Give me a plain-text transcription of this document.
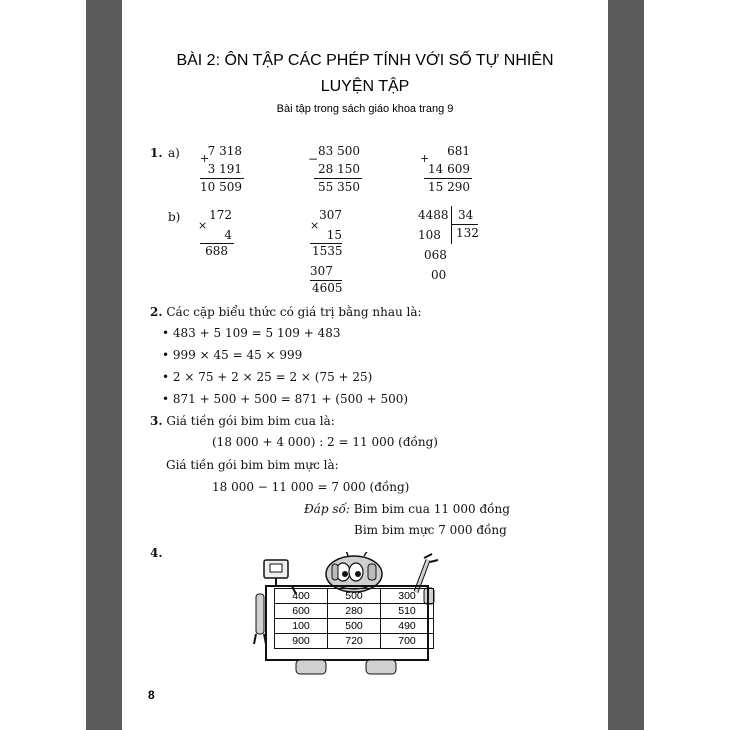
BÀI 2: ÔN TẬP CÁC PHÉP TÍNH VỚI SỐ TỰ NHIÊN
LUYỆN TẬP
Bài tập trong sách giáo khoa trang 9
1. a) +
7 318
3 191
10 509
−
83 500
28 150
55 350
+
681
14 609
15 290
b)	172
×
4
688
307
×
15
1535
307
4605
4488 34
108 132
068
00
2. Các cặp biểu thức có giá trị bằng nhau là:
• 483 + 5 109 = 5 109 + 483
• 999 × 45 = 45 × 999
• 2 × 75 + 2 × 25 = 2 × (75 + 25)
• 871 + 500 + 500 = 871 + (500 + 500)
3. Giá tiền gói bim bim cua là:
(18 000 + 4 000) : 2 = 11 000 (đồng)
Giá tiền gói bim bim mực là:
18 000 − 11 000 = 7 000 (đồng)
Đáp số: Bim bim cua 11 000 đồng
Bim bim mực 7 000 đồng
4.
400	500	300
600	280	510
100	500	490
900	720	700
8
